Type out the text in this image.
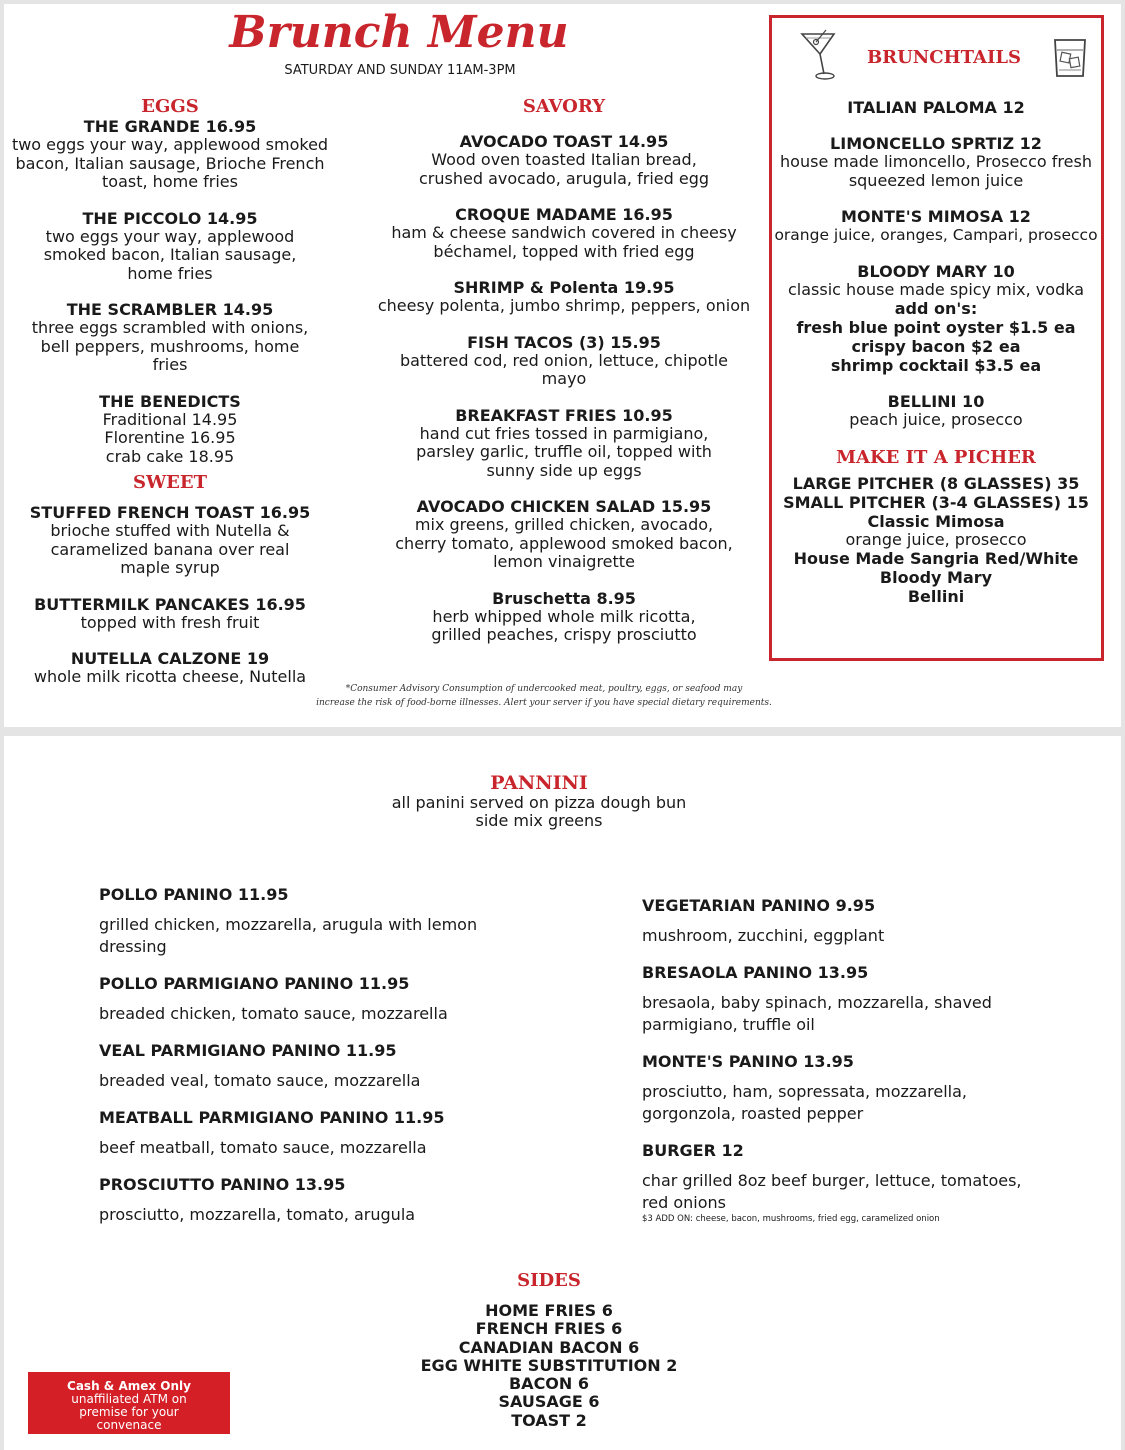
Brunch Menu
SATURDAY AND SUNDAY 11AM-3PM
EGGS
THE GRANDE 16.95
two eggs your way, applewood smoked bacon, Italian sausage, Brioche French toast, home fries
THE PICCOLO 14.95
two eggs your way, applewood smoked bacon, Italian sausage, home fries
THE SCRAMBLER 14.95
three eggs scrambled with onions, bell peppers, mushrooms, home fries
THE BENEDICTS
Fraditional 14.95
Florentine 16.95
crab cake 18.95
SWEET
STUFFED FRENCH TOAST 16.95
brioche stuffed with Nutella & caramelized banana over real maple syrup
BUTTERMILK PANCAKES 16.95
topped with fresh fruit
NUTELLA CALZONE 19
whole milk ricotta cheese, Nutella
SAVORY
AVOCADO TOAST 14.95
Wood oven toasted Italian bread, crushed avocado, arugula, fried egg
CROQUE MADAME 16.95
ham & cheese sandwich covered in cheesy béchamel, topped with fried egg
SHRIMP & Polenta 19.95
cheesy polenta, jumbo shrimp, peppers, onion
FISH TACOS (3) 15.95
battered cod, red onion, lettuce, chipotle mayo
BREAKFAST FRIES 10.95
hand cut fries tossed in parmigiano, parsley garlic, truffle oil, topped with sunny side up eggs
AVOCADO CHICKEN SALAD 15.95
mix greens, grilled chicken, avocado, cherry tomato, applewood smoked bacon, lemon vinaigrette
Bruschetta 8.95
herb whipped whole milk ricotta, grilled peaches, crispy prosciutto
*Consumer Advisory Consumption of undercooked meat, poultry, eggs, or seafood may
increase the risk of food-borne illnesses. Alert your server if you have special dietary requirements.
BRUNCHTAILS
ITALIAN PALOMA 12
LIMONCELLO SPRTIZ 12
house made limoncello, Prosecco fresh squeezed lemon juice
MONTE'S MIMOSA 12
orange juice, oranges, Campari, prosecco
BLOODY MARY 10
classic house made spicy mix, vodka
add on's:
fresh blue point oyster $1.5 ea
crispy bacon $2 ea
shrimp cocktail $3.5 ea
BELLINI 10
peach juice, prosecco
MAKE IT A PICHER
LARGE PITCHER (8 GLASSES) 35
SMALL PITCHER (3-4 GLASSES) 15
Classic Mimosa
orange juice, prosecco
House Made Sangria Red/White
Bloody Mary
Bellini
PANNINI
all panini served on pizza dough bun
side mix greens
POLLO PANINO 11.95
grilled chicken, mozzarella, arugula with lemon dressing
POLLO PARMIGIANO PANINO 11.95
breaded chicken, tomato sauce, mozzarella
VEAL PARMIGIANO PANINO 11.95
breaded veal, tomato sauce, mozzarella
MEATBALL PARMIGIANO PANINO 11.95
beef meatball, tomato sauce, mozzarella
PROSCIUTTO PANINO 13.95
prosciutto, mozzarella, tomato, arugula
VEGETARIAN PANINO 9.95
mushroom, zucchini, eggplant
BRESAOLA PANINO 13.95
bresaola, baby spinach, mozzarella, shaved parmigiano, truffle oil
MONTE'S PANINO 13.95
prosciutto, ham, sopressata, mozzarella, gorgonzola, roasted pepper
BURGER 12
char grilled 8oz beef burger, lettuce, tomatoes, red onions
$3 ADD ON: cheese, bacon, mushrooms, fried egg, caramelized onion
SIDES
HOME FRIES 6
FRENCH FRIES 6
CANADIAN BACON 6
EGG WHITE SUBSTITUTION 2
BACON 6
SAUSAGE 6
TOAST 2
Cash & Amex Only
unaffiliated ATM on premise for your convenace
